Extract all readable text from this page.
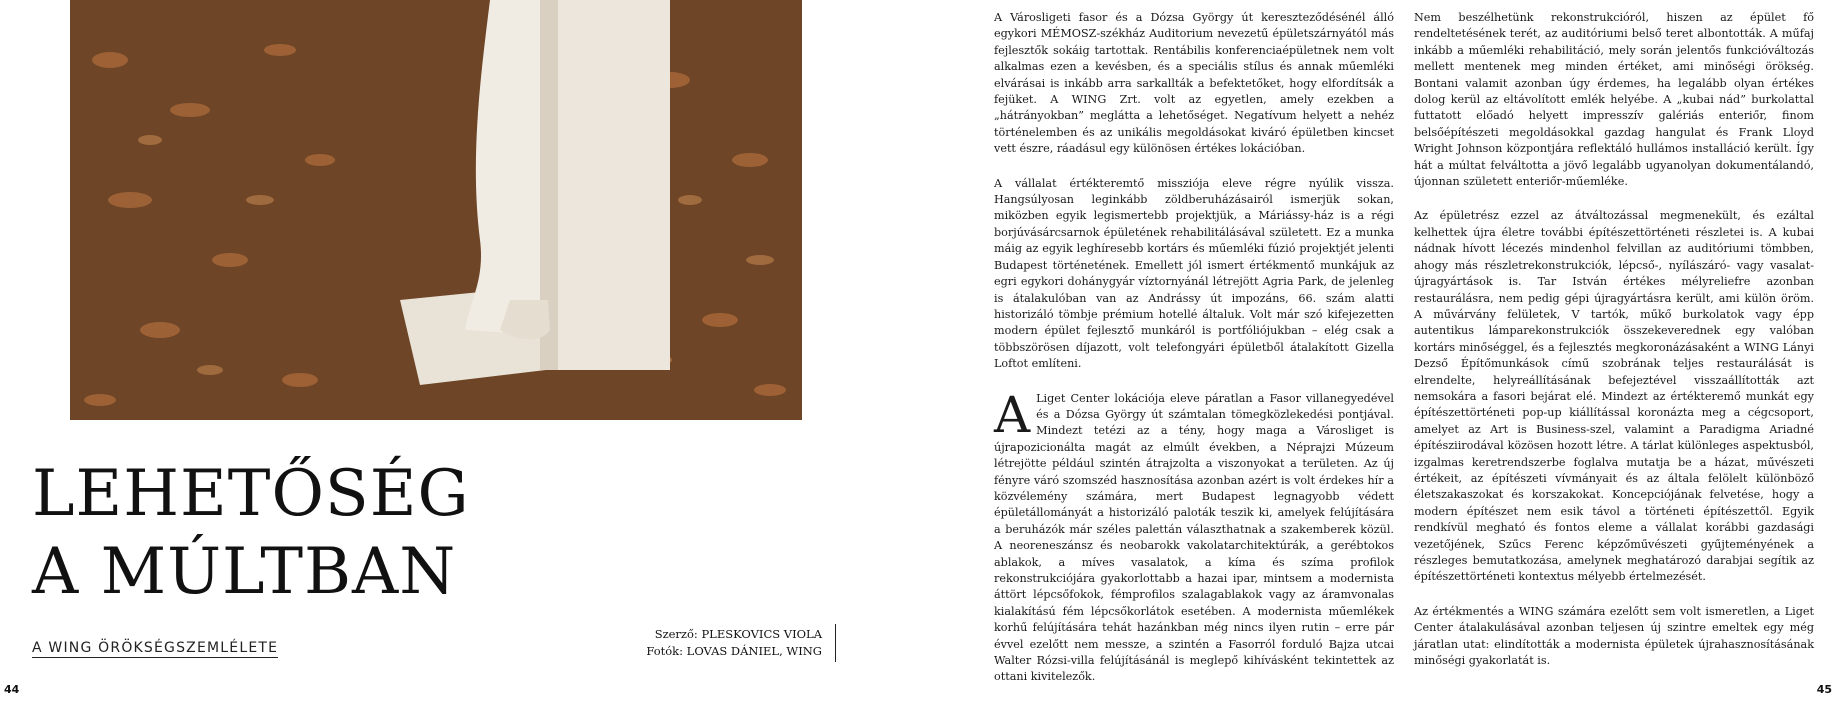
LEHETŐSÉG
A MÚLTBAN
A WING ÖRÖKSÉGSZEMLÉLETE
Szerző: PLESKOVICS VIOLA
Fotók: LOVAS DÁNIEL, WING
44

A Városligeti fasor és a Dózsa György út kereszteződésénél álló egykori MÉMOSZ-székház Auditorium nevezetű épületszárnyától más fejlesztők sokáig tartottak. Rentábilis konferenciaépületnek nem volt alkalmas ezen a kevésben, és a speciális stílus és annak műemléki elvárásai is inkább arra sarkallták a befektetőket, hogy elfordítsák a fejüket. A WING Zrt. volt az egyetlen, amely ezekben a „hátrányokban” meglátta a lehetőséget. Negatívum helyett a nehéz történelemben és az unikális megoldásokat kiváró épületben kincset vett észre, ráadásul egy különösen értékes lokációban.

A vállalat értékteremtő missziója eleve régre nyúlik vissza. Hangsúlyosan leginkább zöldberuházásairól ismerjük sokan, miközben egyik legismertebb projektjük, a Máriássy-ház is a régi borjúvásárcsarnok épületének rehabilitálásával született. Ez a munka máig az egyik leghíresebb kortárs és műemléki fúzió projektjét jelenti Budapest történetének. Emellett jól ismert értékmentő munkájuk az egri egykori dohánygyár víztornyánál létrejött Agria Park, de jelenleg is átalakulóban van az Andrássy út impozáns, 66. szám alatti historizáló tömbje prémium hotellé általuk. Volt már szó kifejezetten modern épület fejlesztő munkáról is portfóliójukban – elég csak a többszörösen díjazott, volt telefongyári épületből átalakított Gizella Loftot említeni.

A Liget Center lokációja eleve páratlan a Fasor villanegyedével és a Dózsa György út számtalan tömegközlekedési pontjával. Mindezt tetézi az a tény, hogy maga a Városliget is újrapozicionálta magát az elmúlt években, a Néprajzi Múzeum létrejötte például szintén átrajzolta a viszonyokat a területen. Az új fényre váró szomszéd hasznosítása azonban azért is volt érdekes hír a közvélemény számára, mert Budapest legnagyobb védett épületállományát a historizáló paloták teszik ki, amelyek felújítására a beruházók már széles palettán választhatnak a szakemberek közül. A neoreneszánsz és neobarokk vakolatarchitektúrák, a gerébtokos ablakok, a míves vasalatok, a kíma és szíma profilok rekonstrukciójára gyakorlottabb a hazai ipar, mintsem a modernista áttört lépcsőfokok, fémprofilos szalagablakok vagy az áramvonalas kialakítású fém lépcsőkorlátok esetében. A modernista műemlékek korhű felújítására tehát hazánkban még nincs ilyen rutin – erre pár évvel ezelőtt nem messze, a szintén a Fasorról forduló Bajza utcai Walter Rózsi-villa felújításánál is meglepő kihívásként tekintettek az ottani kivitelezők.

Nem beszélhetünk rekonstrukcióról, hiszen az épület fő rendeltetésének terét, az auditóriumi belső teret albontották. A műfaj inkább a műemléki rehabilitáció, mely során jelentős funkcióváltozás mellett mentenek meg minden értéket, ami minőségi örökség. Bontani valamit azonban úgy érdemes, ha legalább olyan értékes dolog kerül az eltávolított emlék helyébe. A „kubai nád” burkolattal futtatott előadó helyett impresszív galériás enteriőr, finom belsőépítészeti megoldásokkal gazdag hangulat és Frank Lloyd Wright Johnson központjára reflektáló hullámos installáció került. Így hát a múltat felváltotta a jövő legalább ugyanolyan dokumentálandó, újonnan született enteriőr-műemléke.

Az épületrész ezzel az átváltozással megmenekült, és ezáltal kelhettek újra életre további építészettörténeti részletei is. A kubai nádnak hívott lécezés mindenhol felvillan az auditóriumi tömbben, ahogy más részletrekonstrukciók, lépcső-, nyílászáró- vagy vasalat-újragyártások is. Tar István értékes mélyreliefre azonban restaurálásra, nem pedig gépi újragyártásra került, ami külön öröm. A művárvány felületek, V tartók, műkő burkolatok vagy épp autentikus lámparekonstrukciók összekeverednek egy valóban kortárs minőséggel, és a fejlesztés megkoronázásaként a WING Lányi Dezső Építőmunkások című szobrának teljes restaurálását is elrendelte, helyreállításának befejeztével visszaállították azt nemsokára a fasori bejárat elé. Mindezt az értékteremő munkát egy építészettörténeti pop-up kiállítással koronázta meg a cégcsoport, amelyet az Art is Business-szel, valamint a Paradigma Ariadné építésziirodával közösen hozott létre. A tárlat különleges aspektusból, izgalmas keretrendszerbe foglalva mutatja be a házat, művészeti értékeit, az építészeti vívmányait és az általa felölelt különböző életszakaszokat és korszakokat. Koncepciójának felvetése, hogy a modern építészet nem esik távol a történeti építészettől. Egyik rendkívül megható és fontos eleme a vállalat korábbi gazdasági vezetőjének, Szűcs Ferenc képzőművészeti gyűjteményének a részleges bemutatkozása, amelynek meghatározó darabjai segítik az építészettörténeti kontextus mélyebb értelmezését.

Az értékmentés a WING számára ezelőtt sem volt ismeretlen, a Liget Center átalakulásával azonban teljesen új szintre emeltek egy még járatlan utat: elindították a modernista épületek újrahasznosításának minőségi gyakorlatát is.

45
